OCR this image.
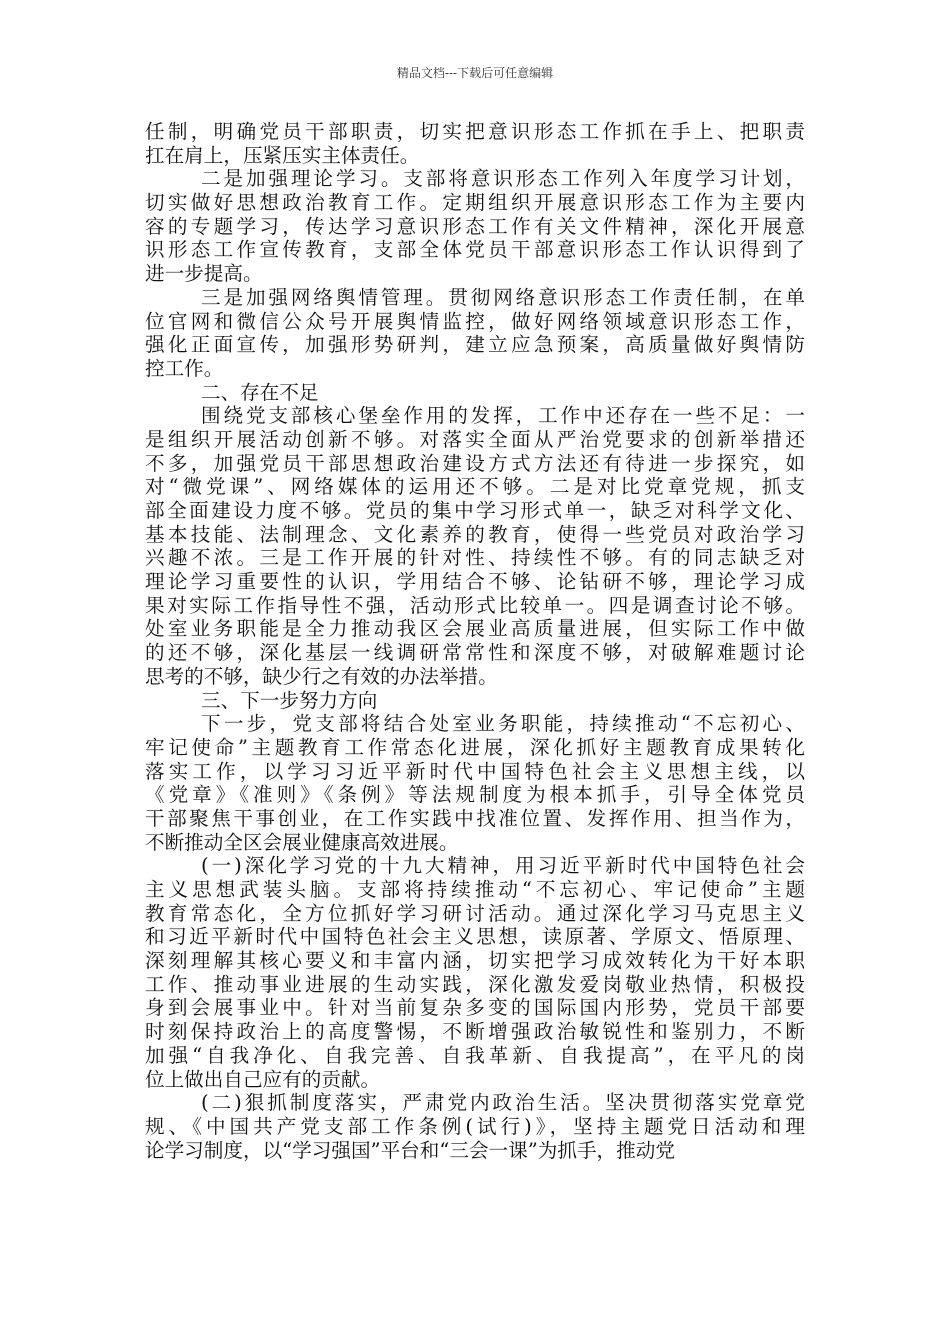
精品文档---下载后可任意编辑
任制，明确党员干部职责，切实把意识形态工作抓在手上、把职责
扛在肩上，压紧压实主体责任。
二是加强理论学习。支部将意识形态工作列入年度学习计划，
切实做好思想政治教育工作。定期组织开展意识形态工作为主要内
容的专题学习，传达学习意识形态工作有关文件精神，深化开展意
识形态工作宣传教育，支部全体党员干部意识形态工作认识得到了
进一步提高。
三是加强网络舆情管理。贯彻网络意识形态工作责任制，在单
位官网和微信公众号开展舆情监控，做好网络领域意识形态工作，
强化正面宣传，加强形势研判，建立应急预案，高质量做好舆情防
控工作。
二、存在不足
围绕党支部核心堡垒作用的发挥，工作中还存在一些不足：一
是组织开展活动创新不够。对落实全面从严治党要求的创新举措还
不多，加强党员干部思想政治建设方式方法还有待进一步探究，如
对“微党课”、网络媒体的运用还不够。二是对比党章党规，抓支
部全面建设力度不够。党员的集中学习形式单一，缺乏对科学文化、
基本技能、法制理念、文化素养的教育，使得一些党员对政治学习
兴趣不浓。三是工作开展的针对性、持续性不够。有的同志缺乏对
理论学习重要性的认识，学用结合不够、论钻研不够，理论学习成
果对实际工作指导性不强，活动形式比较单一。四是调查讨论不够。
处室业务职能是全力推动我区会展业高质量进展，但实际工作中做
的还不够，深化基层一线调研常常性和深度不够，对破解难题讨论
思考的不够，缺少行之有效的办法举措。
三、下一步努力方向
下一步，党支部将结合处室业务职能，持续推动“不忘初心、
牢记使命”主题教育工作常态化进展，深化抓好主题教育成果转化
落实工作，以学习习近平新时代中国特色社会主义思想主线，以
《党章》《准则》《条例》等法规制度为根本抓手，引导全体党员
干部聚焦干事创业，在工作实践中找准位置、发挥作用、担当作为，
不断推动全区会展业健康高效进展。
(一)深化学习党的十九大精神，用习近平新时代中国特色社会
主义思想武装头脑。支部将持续推动“不忘初心、牢记使命”主题
教育常态化，全方位抓好学习研讨活动。通过深化学习马克思主义
和习近平新时代中国特色社会主义思想，读原著、学原文、悟原理、
深刻理解其核心要义和丰富内涵，切实把学习成效转化为干好本职
工作、推动事业进展的生动实践，深化激发爱岗敬业热情，积极投
身到会展事业中。针对当前复杂多变的国际国内形势，党员干部要
时刻保持政治上的高度警惕，不断增强政治敏锐性和鉴别力，不断
加强“自我净化、自我完善、自我革新、自我提高”，在平凡的岗
位上做出自己应有的贡献。
(二)狠抓制度落实，严肃党内政治生活。坚决贯彻落实党章党
规、《中国共产党支部工作条例(试行)》，坚持主题党日活动和理
论学习制度，以“学习强国”平台和“三会一课”为抓手，推动党
